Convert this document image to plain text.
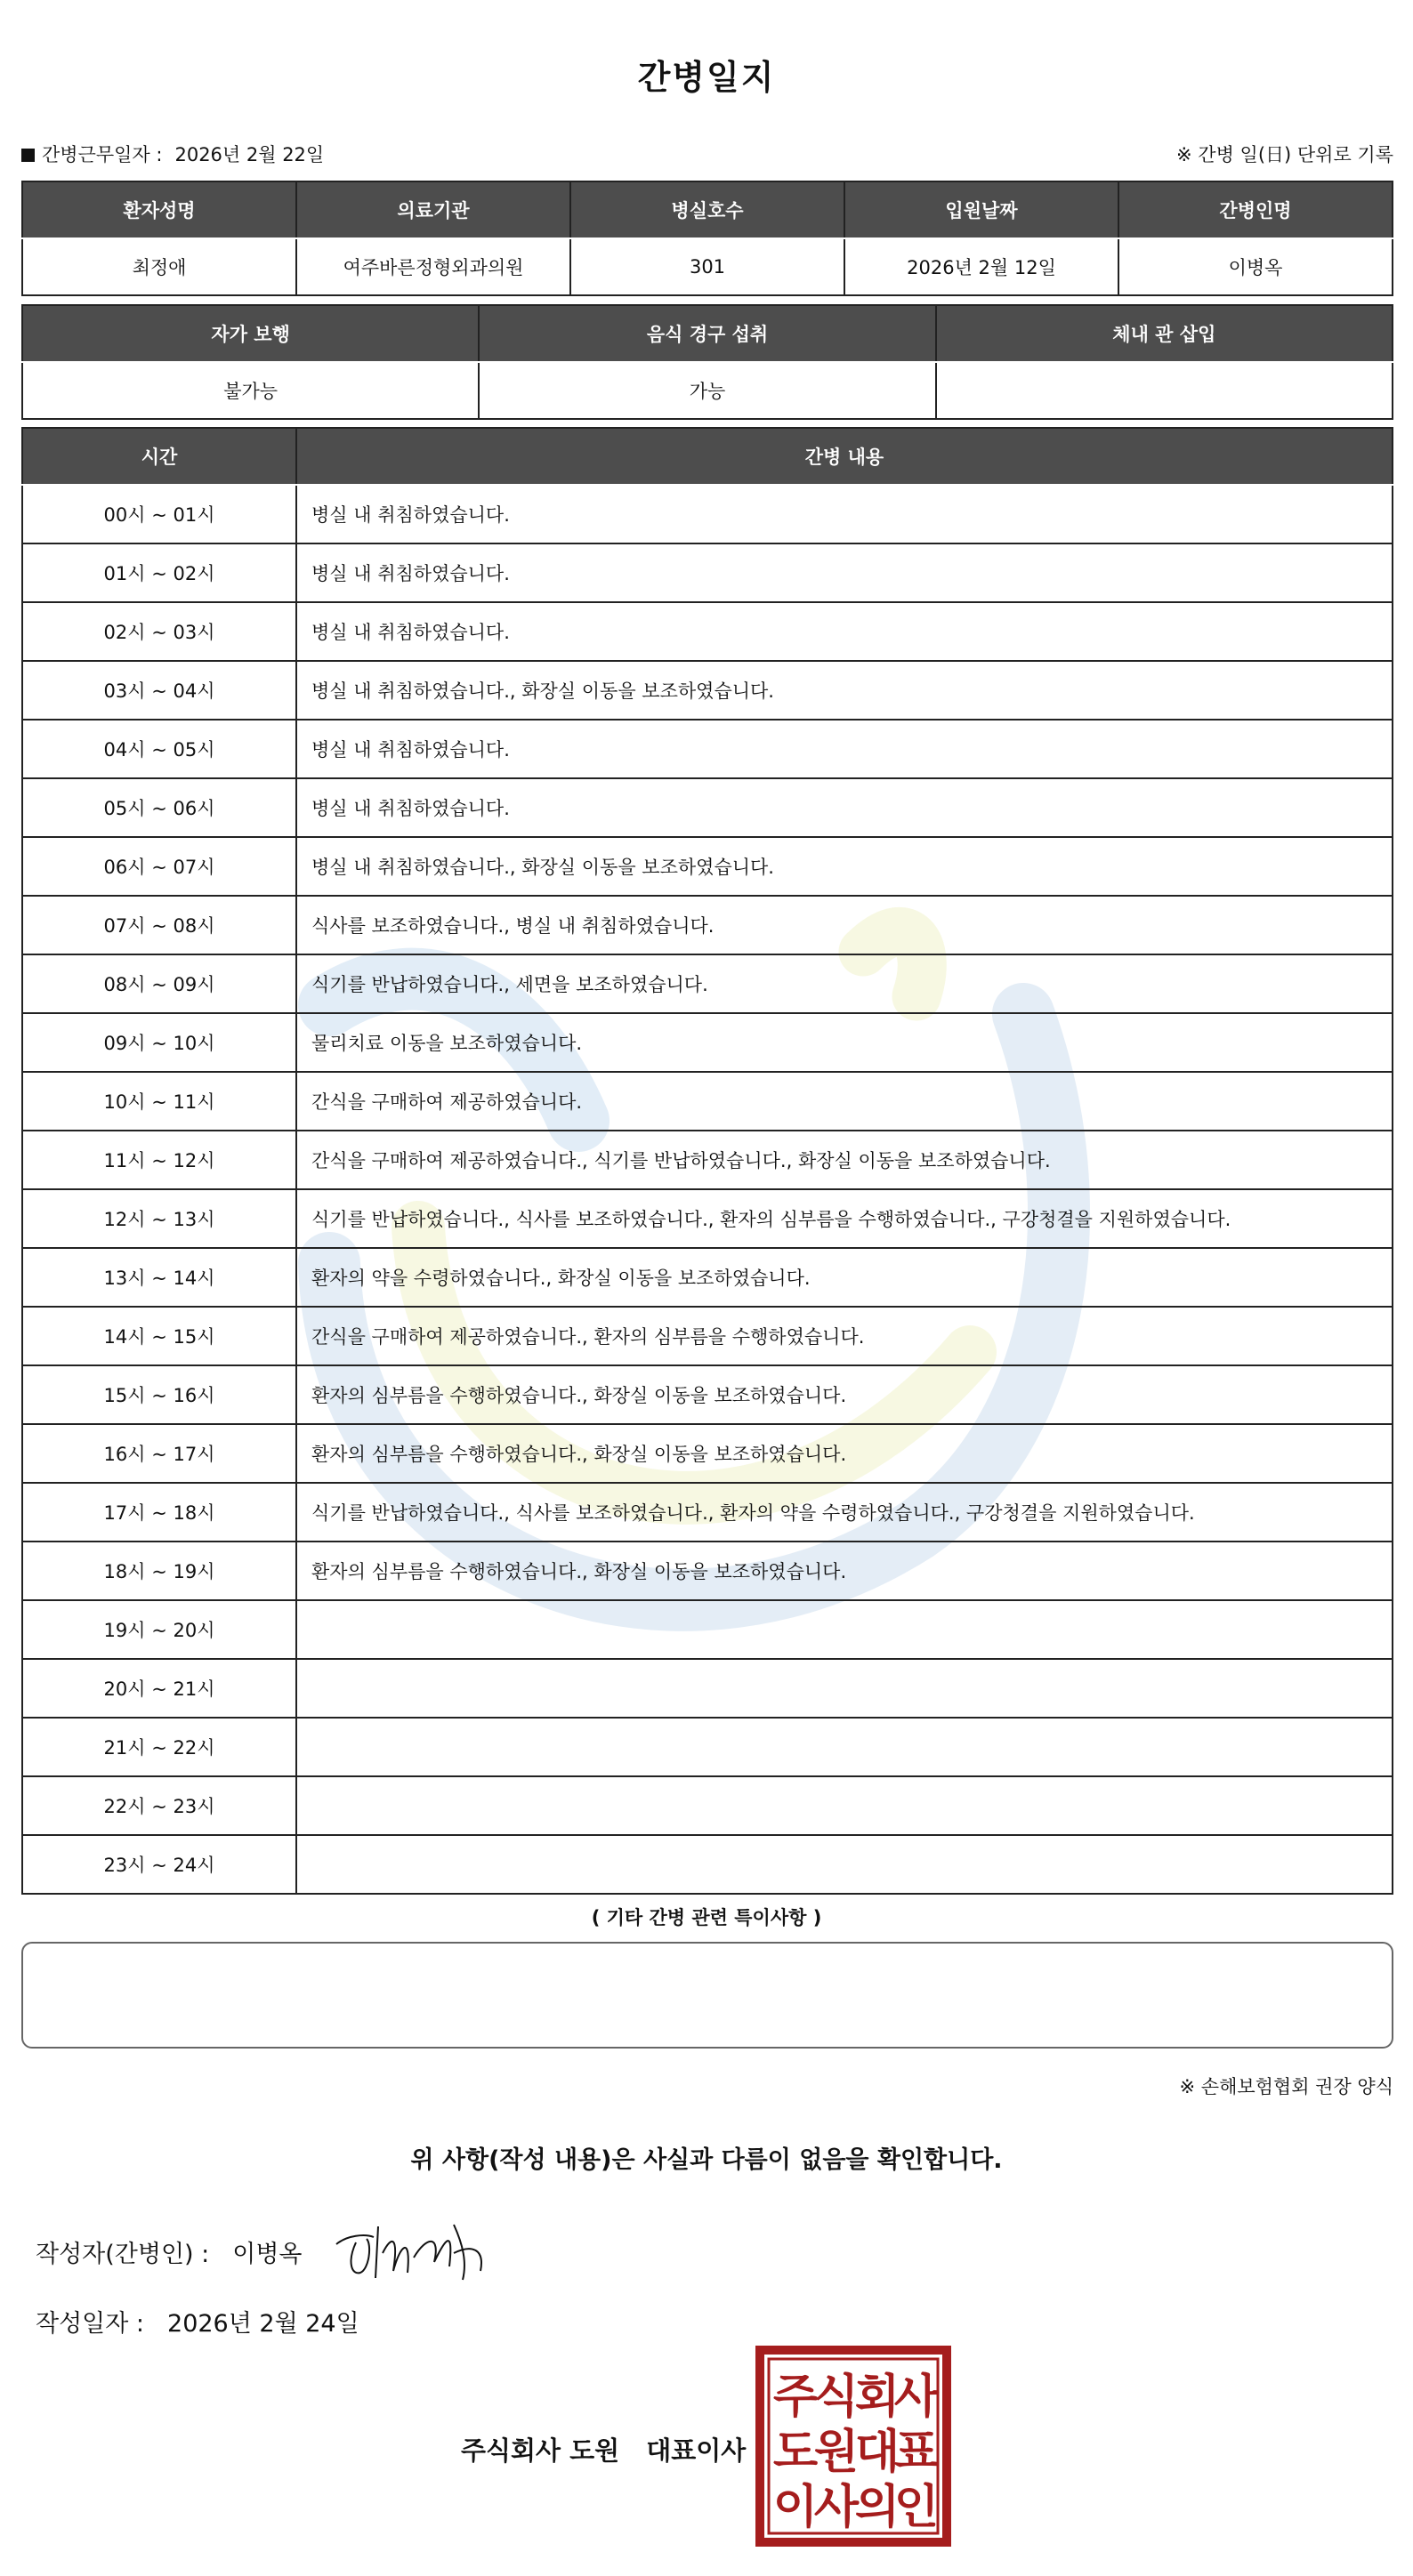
간병일지
간병근무일자 : 2026년 2월 22일	※ 간병 일(日) 단위로 기록
환자성명	의료기관	병실호수	입원날짜	간병인명
최정애	여주바른정형외과의원	301	2026년 2월 12일	이병옥
자가 보행	음식 경구 섭취	체내 관 삽입
불가능	가능	
시간	간병 내용
00시 ~ 01시	병실 내 취침하였습니다.
01시 ~ 02시	병실 내 취침하였습니다.
02시 ~ 03시	병실 내 취침하였습니다.
03시 ~ 04시	병실 내 취침하였습니다., 화장실 이동을 보조하였습니다.
04시 ~ 05시	병실 내 취침하였습니다.
05시 ~ 06시	병실 내 취침하였습니다.
06시 ~ 07시	병실 내 취침하였습니다., 화장실 이동을 보조하였습니다.
07시 ~ 08시	식사를 보조하였습니다., 병실 내 취침하였습니다.
08시 ~ 09시	식기를 반납하였습니다., 세면을 보조하였습니다.
09시 ~ 10시	물리치료 이동을 보조하였습니다.
10시 ~ 11시	간식을 구매하여 제공하였습니다.
11시 ~ 12시	간식을 구매하여 제공하였습니다., 식기를 반납하였습니다., 화장실 이동을 보조하였습니다.
12시 ~ 13시	식기를 반납하였습니다., 식사를 보조하였습니다., 환자의 심부름을 수행하였습니다., 구강청결을 지원하였습니다.
13시 ~ 14시	환자의 약을 수령하였습니다., 화장실 이동을 보조하였습니다.
14시 ~ 15시	간식을 구매하여 제공하였습니다., 환자의 심부름을 수행하였습니다.
15시 ~ 16시	환자의 심부름을 수행하였습니다., 화장실 이동을 보조하였습니다.
16시 ~ 17시	환자의 심부름을 수행하였습니다., 화장실 이동을 보조하였습니다.
17시 ~ 18시	식기를 반납하였습니다., 식사를 보조하였습니다., 환자의 약을 수령하였습니다., 구강청결을 지원하였습니다.
18시 ~ 19시	환자의 심부름을 수행하였습니다., 화장실 이동을 보조하였습니다.
19시 ~ 20시	
20시 ~ 21시	
21시 ~ 22시	
22시 ~ 23시	
23시 ~ 24시	
( 기타 간병 관련 특이사항 )
※ 손해보험협회 권장 양식
위 사항(작성 내용)은 사실과 다름이 없음을 확인합니다.
작성자(간병인) : 이병옥
작성일자 : 2026년 2월 24일
주식회사 도원 대표이사
주
식
회
사
도
원
대
표
이
사
의
인
